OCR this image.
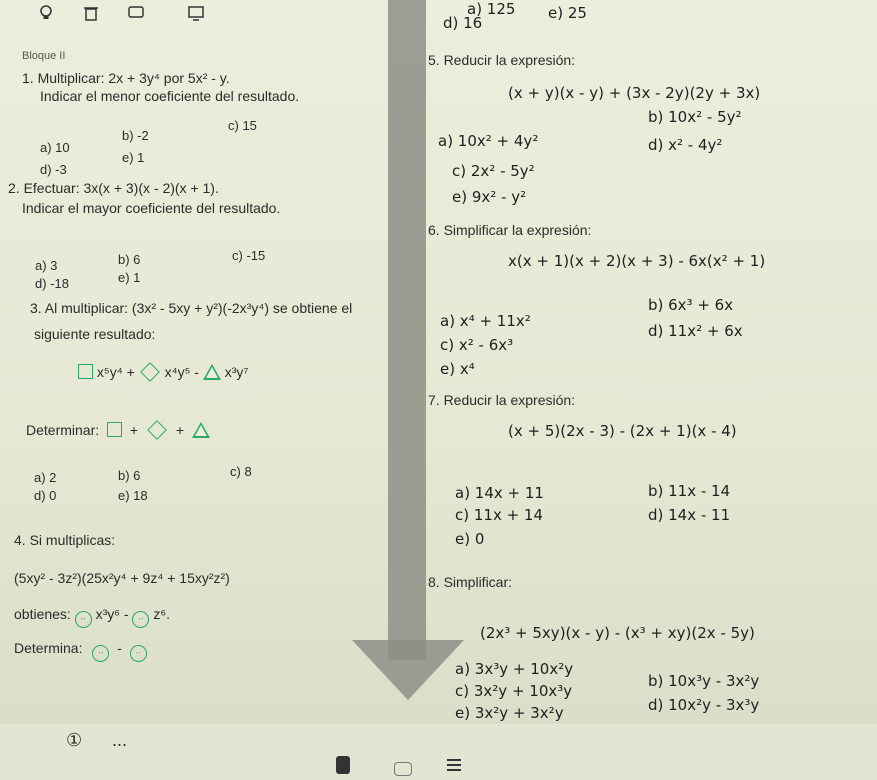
a) 125
d) 16
e) 25
Bloque II
1. Multiplicar: 2x + 3y⁴ por 5x² - y.
Indicar el menor coeficiente del resultado.
a) 10
b) -2
c) 15
d) -3
e) 1
2. Efectuar: 3x(x + 3)(x - 2)(x + 1).
Indicar el mayor coeficiente del resultado.
a) 3	b) 6	c) -15
d) -18	e) 1
3. Al multiplicar: (3x² - 5xy + y²)(-2x³y⁴) se obtiene el
siguiente resultado:
x⁵y⁴ + x⁴y⁵ - x³y⁷
Determinar: +	+
a) 2	b) 6	c) 8
d) 0	e) 18
4. Si multiplicas:
(5xy² - 3z²)(25x²y⁴ + 9z⁴ + 15xy²z²)
obtienes: ‧‧ x³y⁶ - ‧‧ z⁶.
Determina: ‧‧ - ‧‧
5. Reducir la expresión:
(x + y)(x - y) + (3x - 2y)(2y + 3x)
a) 10x² + 4y²
b) 10x² - 5y²
c) 2x² - 5y²
d) x² - 4y²
e) 9x² - y²
6. Simplificar la expresión:
x(x + 1)(x + 2)(x + 3) - 6x(x² + 1)
a) x⁴ + 11x²
b) 6x³ + 6x
c) x² - 6x³
d) 11x² + 6x
e) x⁴
7. Reducir la expresión:
(x + 5)(2x - 3) - (2x + 1)(x - 4)
a) 14x + 11	b) 11x - 14
c) 11x + 14	d) 14x - 11
e) 0
8. Simplificar:
(2x³ + 5xy)(x - y) - (x³ + xy)(2x - 5y)
a) 3x³y + 10x²y
b) 10x³y - 3x²y
c) 3x²y + 10x³y
d) 10x²y - 3x³y
e) 3x²y + 3x²y
① ...
